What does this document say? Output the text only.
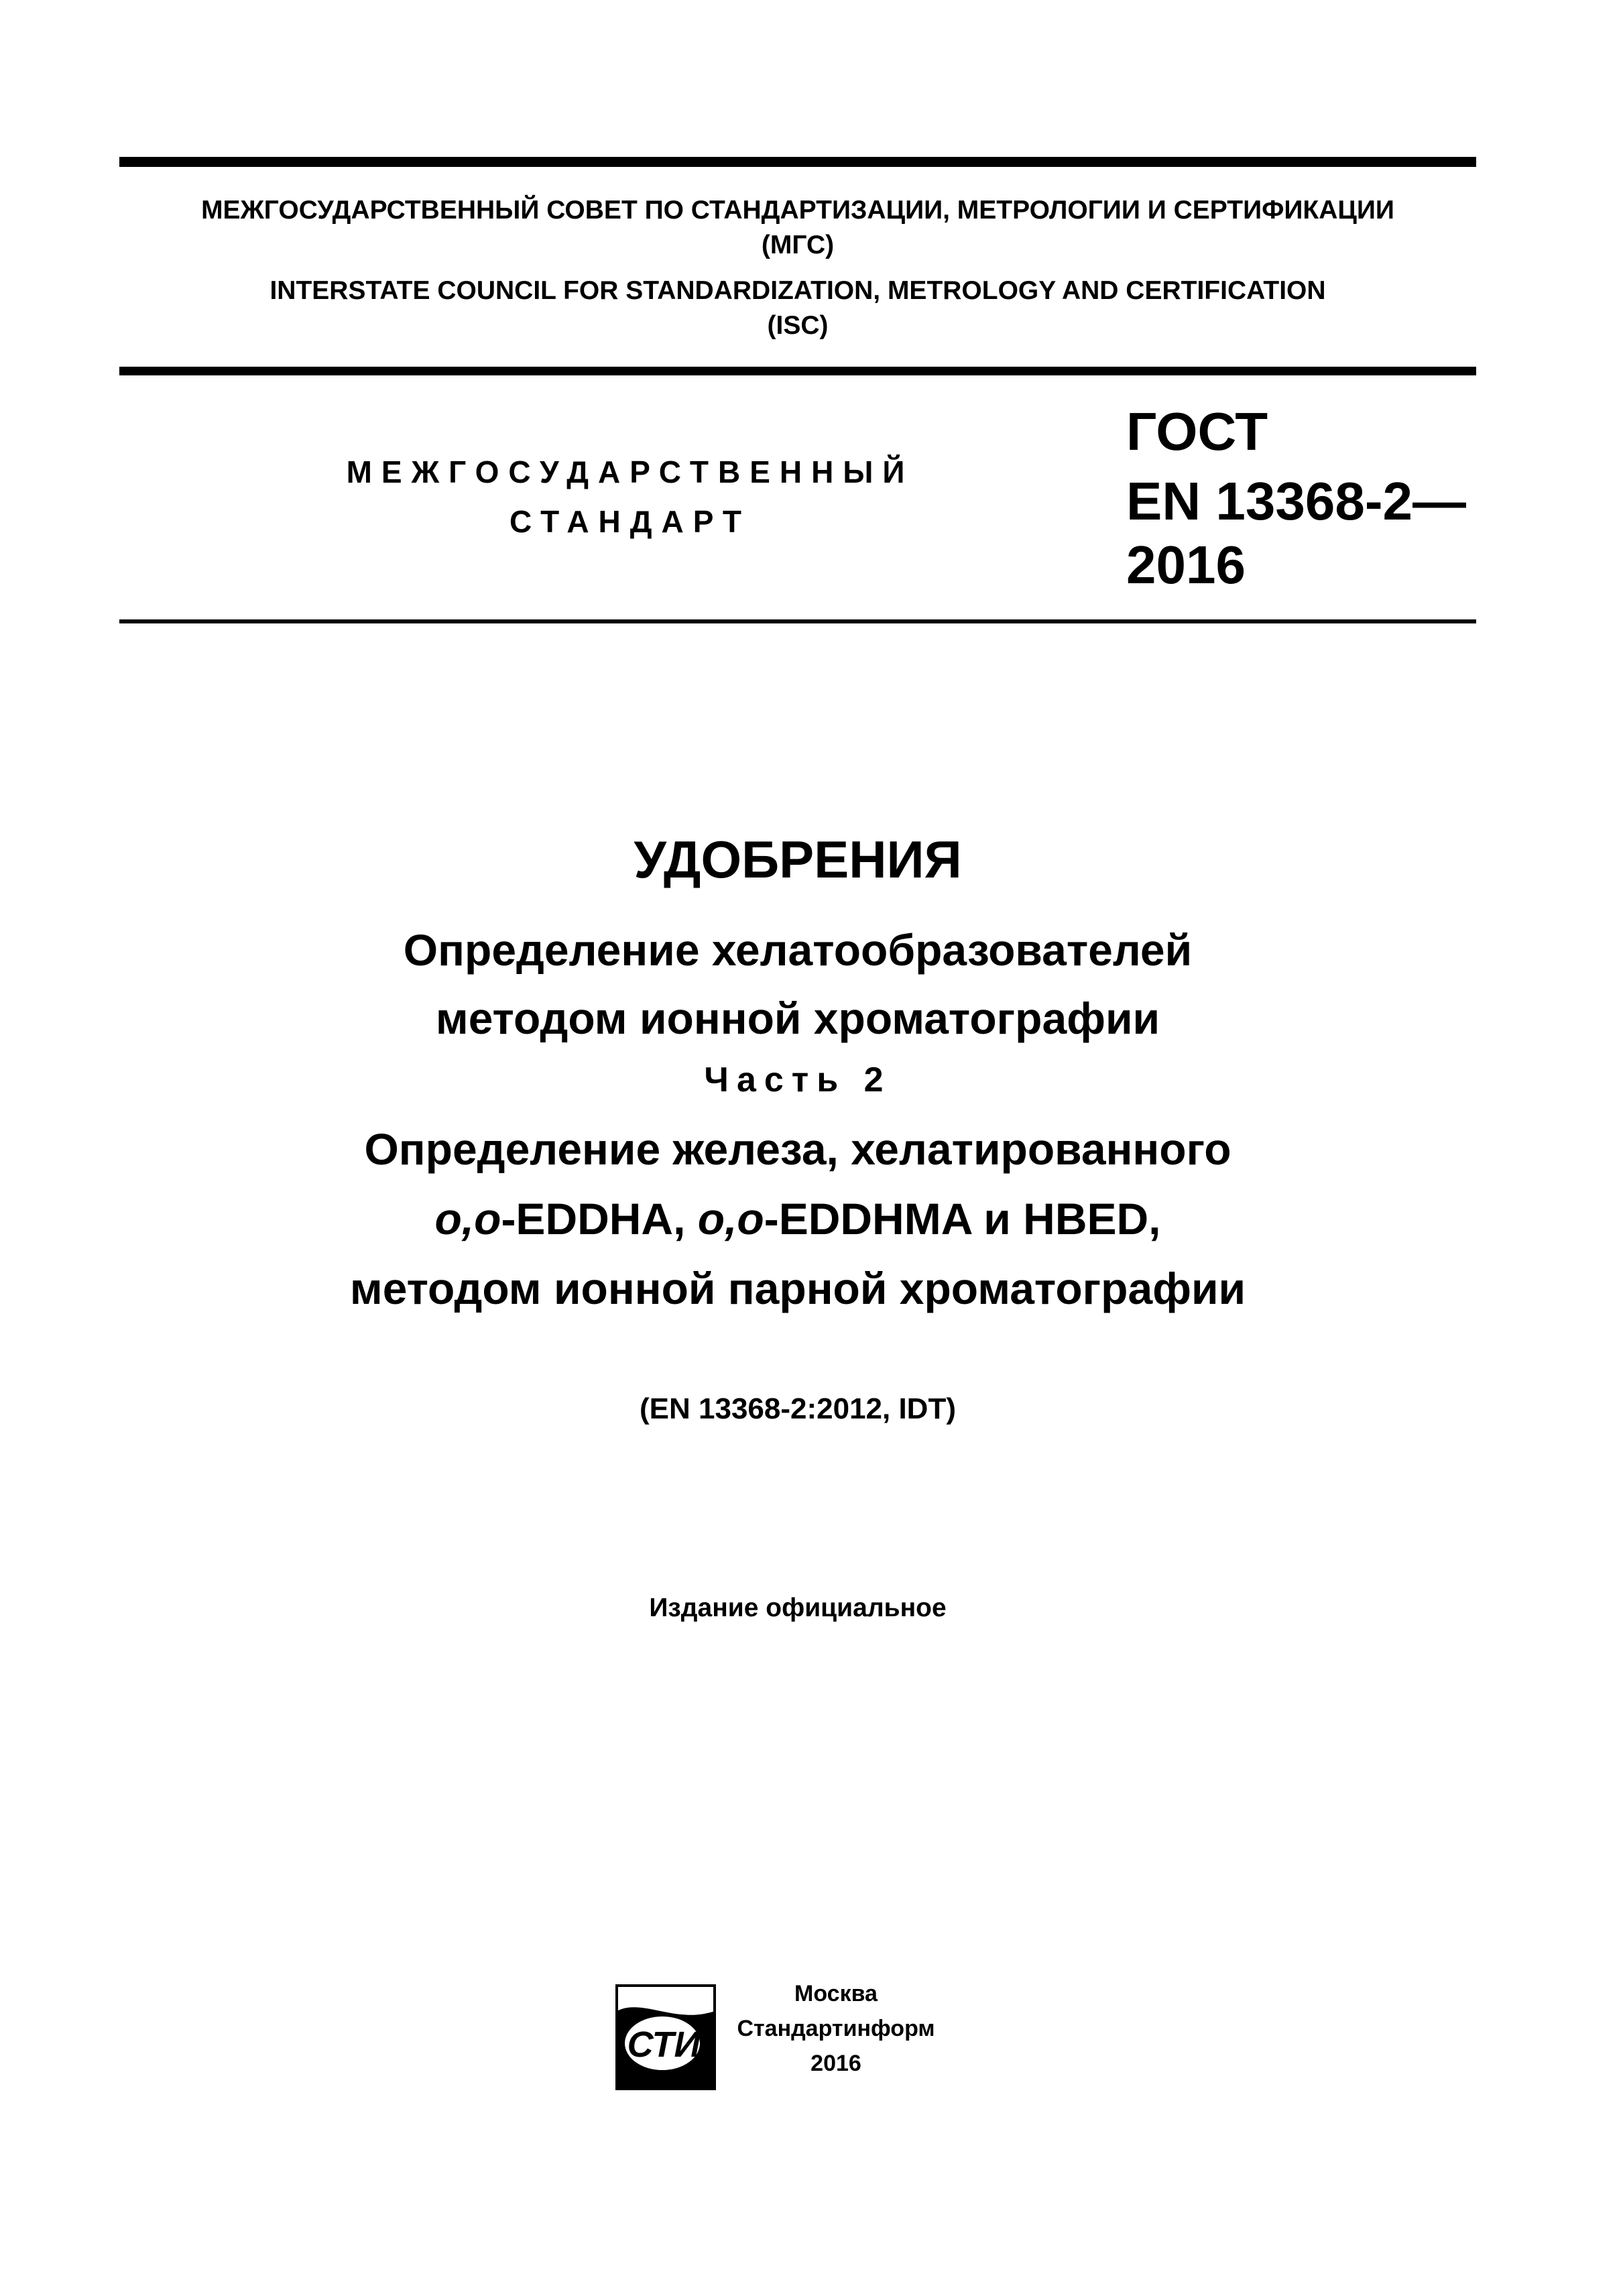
МЕЖГОСУДАРСТВЕННЫЙ СОВЕТ ПО СТАНДАРТИЗАЦИИ, МЕТРОЛОГИИ И СЕРТИФИКАЦИИ
(МГС)
INTERSTATE COUNCIL FOR STANDARDIZATION, METROLOGY AND CERTIFICATION
(ISC)
МЕЖГОСУДАРСТВЕННЫЙ
СТАНДАРТ
ГОСТ
EN 13368-2—
2016
УДОБРЕНИЯ
Определение хелатообразователей
методом ионной хроматографии
Часть 2
Определение железа, хелатированного
o,o-EDDHA, o,o-EDDHMA и HBED,
методом ионной парной хроматографии
(EN 13368-2:2012, IDT)
Издание официальное
СТИ
Москва
Стандартинформ
2016
